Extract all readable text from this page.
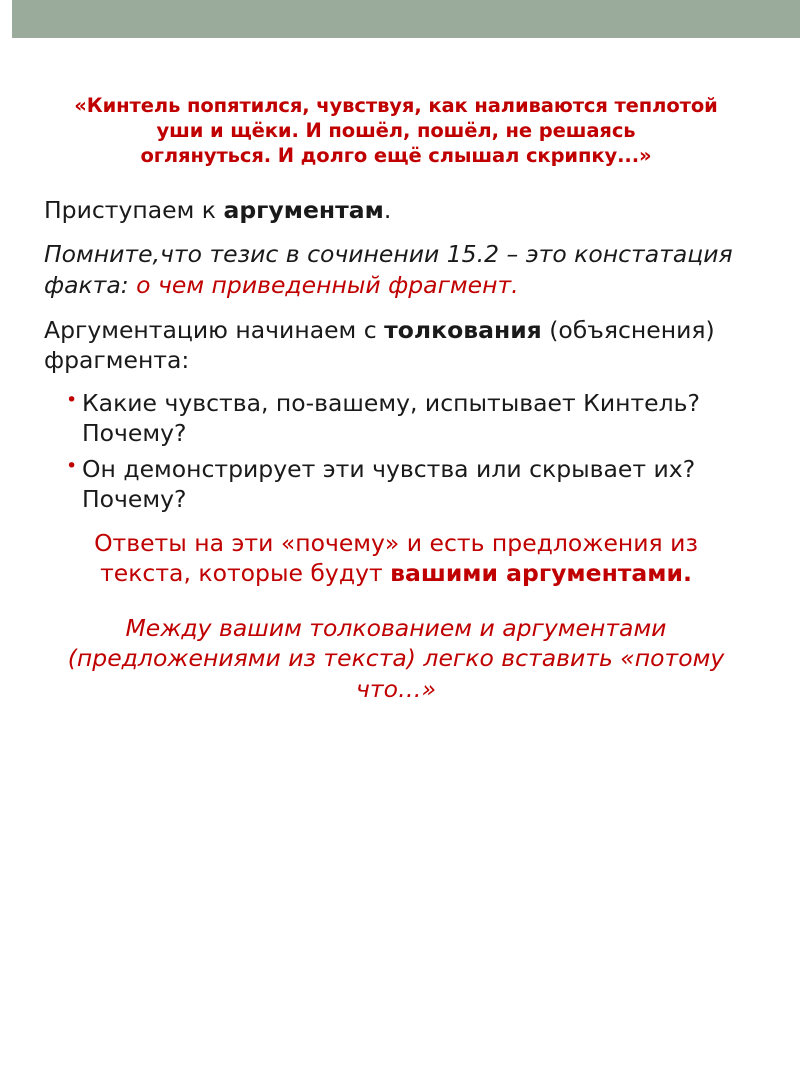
«Кинтель попятился, чувствуя, как наливаются теплотой
уши и щёки. И пошёл, пошёл, не решаясь
оглянуться. И долго ещё слышал скрипку...»

Приступаем к аргументам.

Помните,что тезис в сочинении 15.2 – это констатация факта: о чем приведенный фрагмент.

Аргументацию начинаем с толкования (объяснения) фрагмента:

• Какие чувства, по-вашему, испытывает Кинтель? Почему?
• Он демонстрирует эти чувства или скрывает их? Почему?

Ответы на эти «почему» и есть предложения из текста, которые будут вашими аргументами.

Между вашим толкованием и аргументами (предложениями из текста) легко вставить «потому что…»
